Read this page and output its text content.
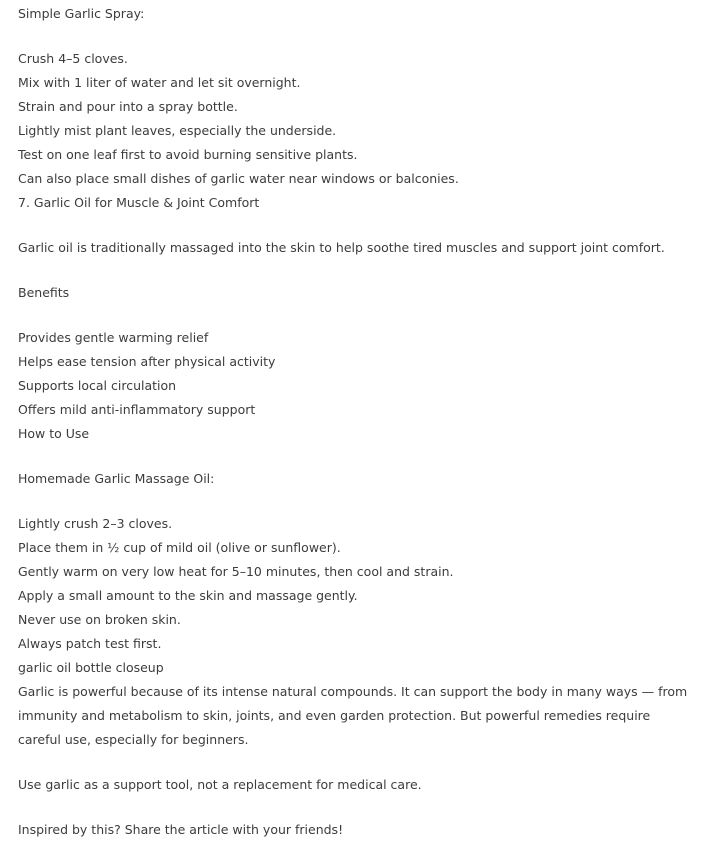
Simple Garlic Spray:

Crush 4–5 cloves.

Mix with 1 liter of water and let sit overnight.

Strain and pour into a spray bottle.

Lightly mist plant leaves, especially the underside.

Test on one leaf first to avoid burning sensitive plants.

Can also place small dishes of garlic water near windows or balconies.

7. Garlic Oil for Muscle & Joint Comfort

Garlic oil is traditionally massaged into the skin to help soothe tired muscles and support joint comfort.

Benefits

Provides gentle warming relief

Helps ease tension after physical activity

Supports local circulation

Offers mild anti-inflammatory support

How to Use

Homemade Garlic Massage Oil:

Lightly crush 2–3 cloves.

Place them in ½ cup of mild oil (olive or sunflower).

Gently warm on very low heat for 5–10 minutes, then cool and strain.

Apply a small amount to the skin and massage gently.

Never use on broken skin.

Always patch test first.

garlic oil bottle closeup

Garlic is powerful because of its intense natural compounds. It can support the body in many ways — from immunity and metabolism to skin, joints, and even garden protection. But powerful remedies require careful use, especially for beginners.

Use garlic as a support tool, not a replacement for medical care.

Inspired by this? Share the article with your friends!
